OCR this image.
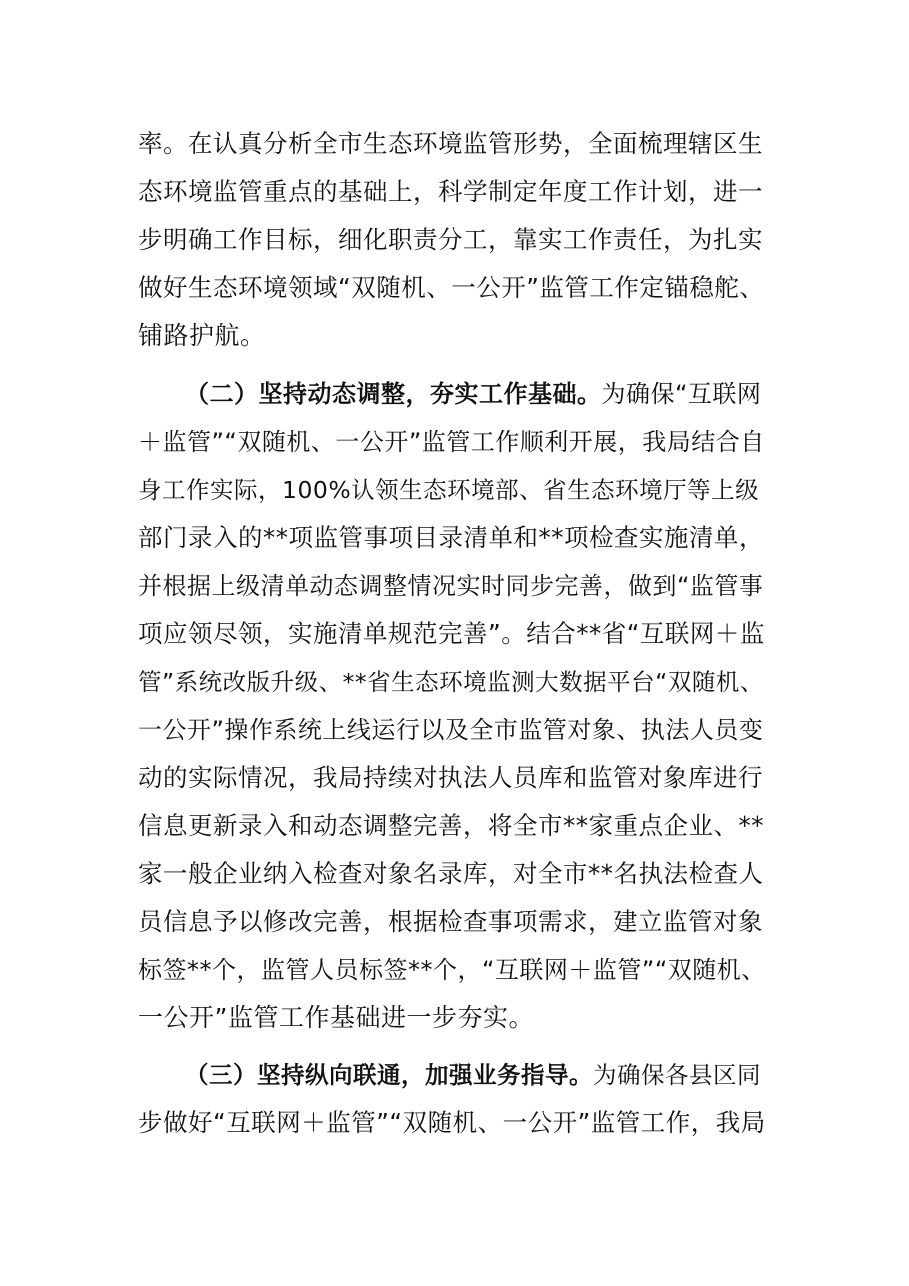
率。在认真分析全市生态环境监管形势，全面梳理辖区生
态环境监管重点的基础上，科学制定年度工作计划，进一
步明确工作目标，细化职责分工，靠实工作责任，为扎实
做好生态环境领域“双随机、一公开”监管工作定锚稳舵、
铺路护航。
（二）坚持动态调整，夯实工作基础。为确保“互联网
＋监管”“双随机、一公开”监管工作顺利开展，我局结合自
身工作实际，100%认领生态环境部、省生态环境厅等上级
部门录入的**项监管事项目录清单和**项检查实施清单，
并根据上级清单动态调整情况实时同步完善，做到“监管事
项应领尽领，实施清单规范完善”。结合**省“互联网＋监
管”系统改版升级、**省生态环境监测大数据平台“双随机、
一公开”操作系统上线运行以及全市监管对象、执法人员变
动的实际情况，我局持续对执法人员库和监管对象库进行
信息更新录入和动态调整完善，将全市**家重点企业、**
家一般企业纳入检查对象名录库，对全市**名执法检查人
员信息予以修改完善，根据检查事项需求，建立监管对象
标签**个，监管人员标签**个，“互联网＋监管”“双随机、
一公开”监管工作基础进一步夯实。
（三）坚持纵向联通，加强业务指导。为确保各县区同
步做好“互联网＋监管”“双随机、一公开”监管工作，我局
